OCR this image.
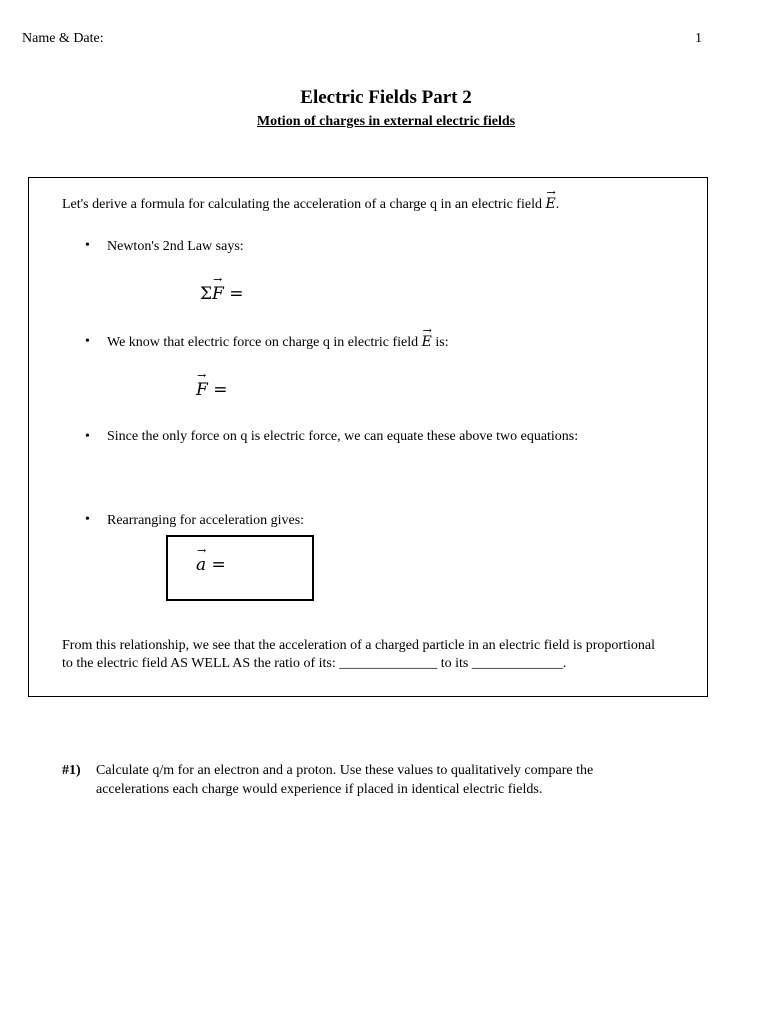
Name & Date:	1
Electric Fields Part 2
Motion of charges in external electric fields
Let's derive a formula for calculating the acceleration of a charge q in an electric field → E.
• Newton's 2nd Law says:
Σ→ F =
• We know that electric force on charge q in electric field → E is:
→ F =
• Since the only force on q is electric force, we can equate these above two equations:
• Rearranging for acceleration gives:
→ a =
From this relationship, we see that the acceleration of a charged particle in an electric field is proportional
to the electric field AS WELL AS the ratio of its: ______________ to its _____________.
#1) Calculate q/m for an electron and a proton. Use these values to qualitatively compare the
accelerations each charge would experience if placed in identical electric fields.
